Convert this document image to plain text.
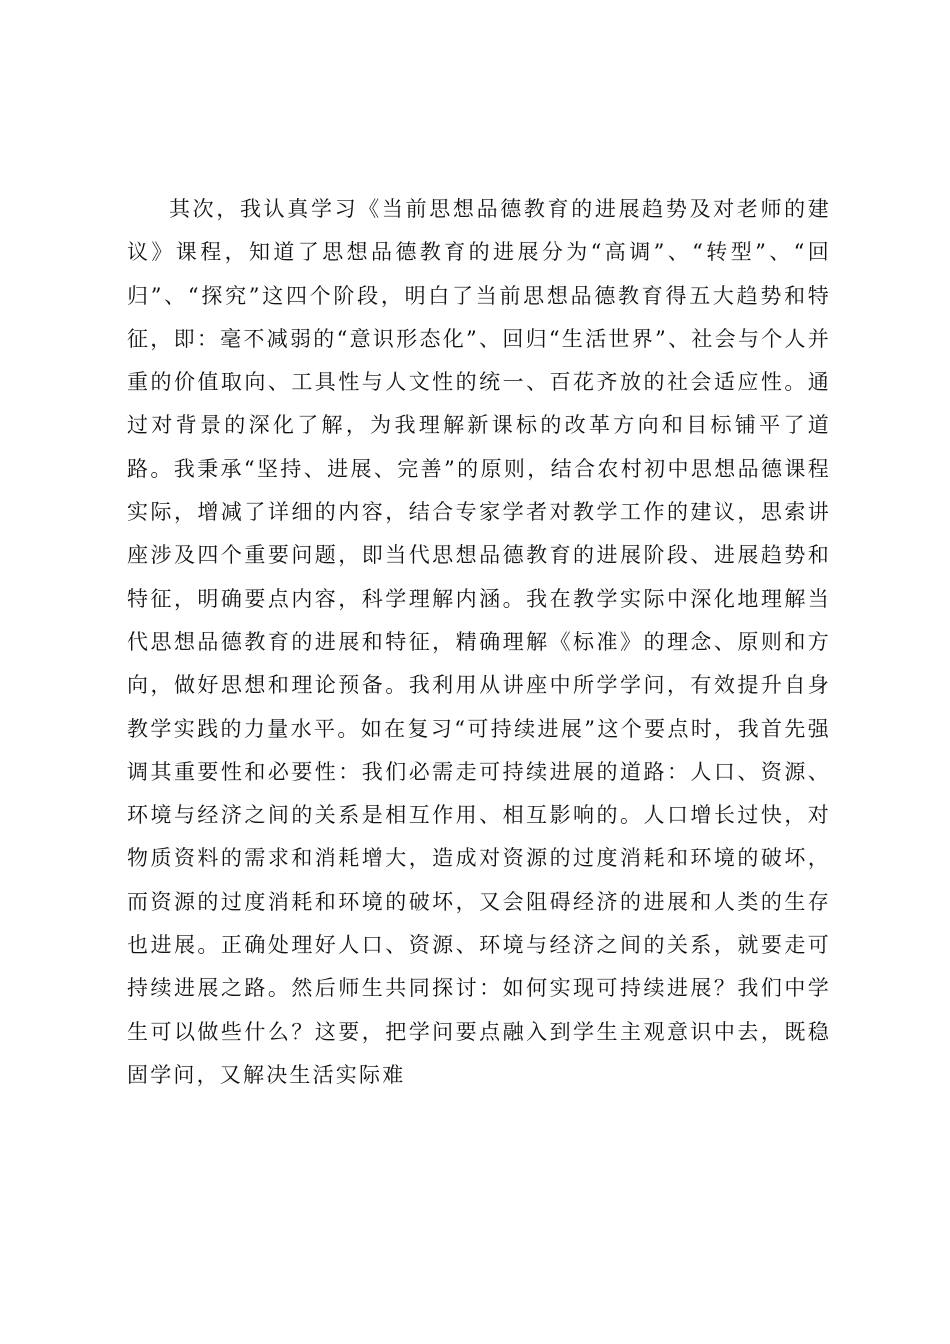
其次，我认真学习《当前思想品德教育的进展趋势及对老师的建议》课程，知道了思想品德教育的进展分为“高调”、“转型”、“回归”、“探究”这四个阶段，明白了当前思想品德教育得五大趋势和特征，即：毫不减弱的“意识形态化”、回归“生活世界”、社会与个人并重的价值取向、工具性与人文性的统一、百花齐放的社会适应性。通过对背景的深化了解，为我理解新课标的改革方向和目标铺平了道路。我秉承“坚持、进展、完善”的原则，结合农村初中思想品德课程实际，增减了详细的内容，结合专家学者对教学工作的建议，思索讲座涉及四个重要问题，即当代思想品德教育的进展阶段、进展趋势和特征，明确要点内容，科学理解内涵。我在教学实际中深化地理解当代思想品德教育的进展和特征，精确理解《标准》的理念、原则和方向，做好思想和理论预备。我利用从讲座中所学学问，有效提升自身教学实践的力量水平。如在复习“可持续进展”这个要点时，我首先强调其重要性和必要性：我们必需走可持续进展的道路：人口、资源、环境与经济之间的关系是相互作用、相互影响的。人口增长过快，对物质资料的需求和消耗增大，造成对资源的过度消耗和环境的破坏，而资源的过度消耗和环境的破坏，又会阻碍经济的进展和人类的生存也进展。正确处理好人口、资源、环境与经济之间的关系，就要走可持续进展之路。然后师生共同探讨：如何实现可持续进展？我们中学生可以做些什么？这要，把学问要点融入到学生主观意识中去，既稳固学问，又解决生活实际难
